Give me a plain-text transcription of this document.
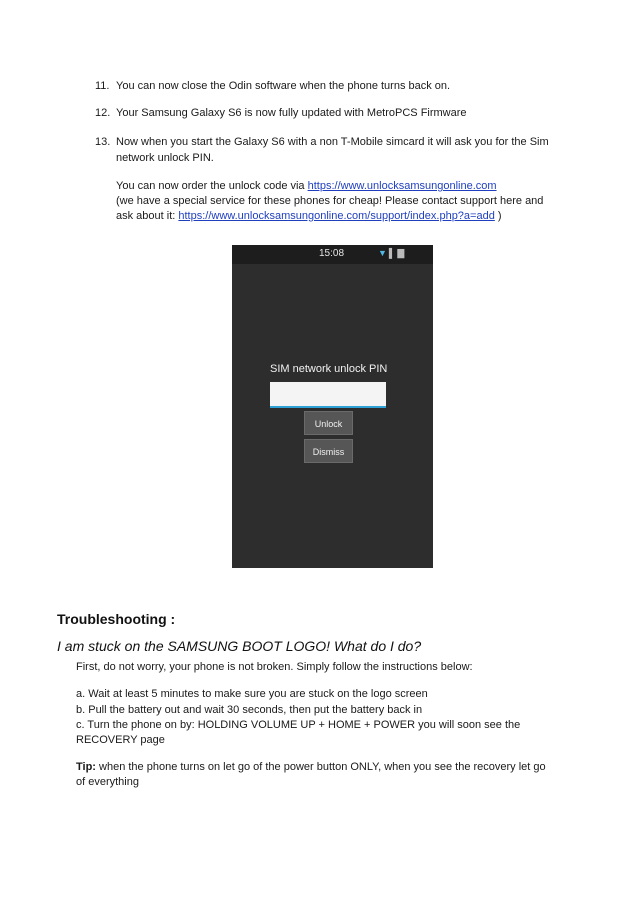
11. You can now close the Odin software when the phone turns back on.
12. Your Samsung Galaxy S6 is now fully updated with MetroPCS Firmware
13. Now when you start the Galaxy S6 with a non T-Mobile simcard it will ask you for the Sim
network unlock PIN.
You can now order the unlock code via https://www.unlocksamsungonline.com
(we have a special service for these phones for cheap! Please contact support here and
ask about it: https://www.unlocksamsungonline.com/support/index.php?a=add )
15:08	▼▌▇
SIM network unlock PIN
Unlock
Dismiss
Troubleshooting :
I am stuck on the SAMSUNG BOOT LOGO! What do I do?
First, do not worry, your phone is not broken. Simply follow the instructions below:
a. Wait at least 5 minutes to make sure you are stuck on the logo screen
b. Pull the battery out and wait 30 seconds, then put the battery back in
c. Turn the phone on by: HOLDING VOLUME UP + HOME + POWER you will soon see the
RECOVERY page
Tip: when the phone turns on let go of the power button ONLY, when you see the recovery let go
of everything
